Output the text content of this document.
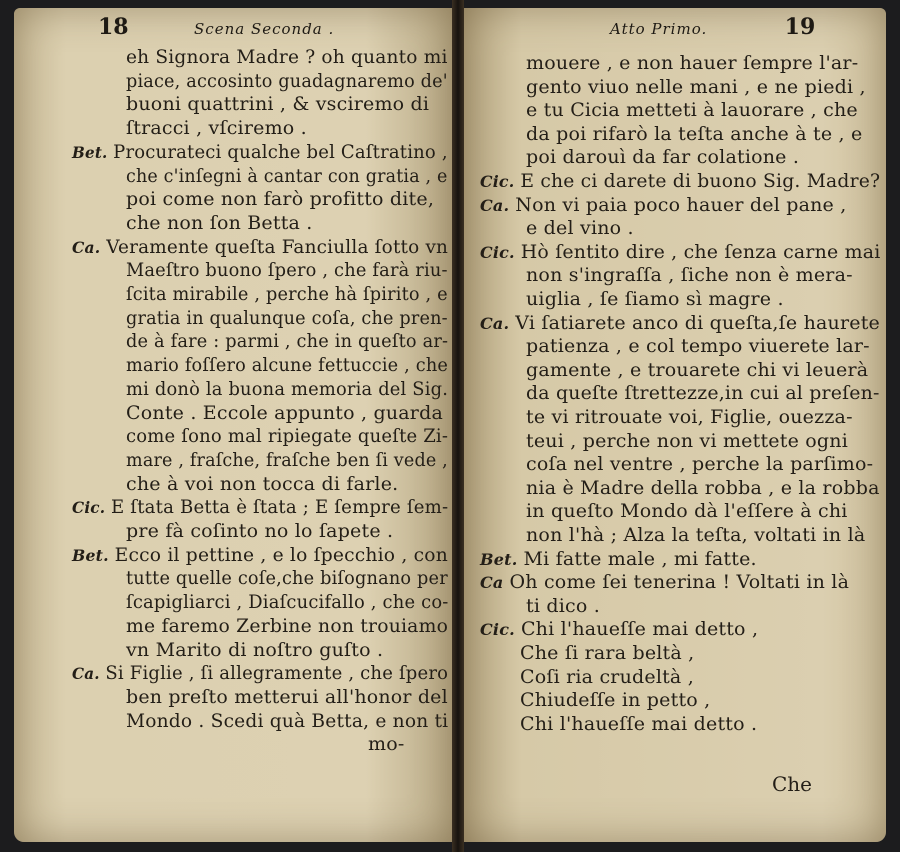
18	Scena Seconda .	Atto Primo.	19
eh Signora Madre ? oh quanto mi
piace, accosinto guadagnaremo de'
buoni quattrini , & vsciremo di
ſtracci , vſciremo .
Bet. Procurateci qualche bel Caſtratino ,
che c'inſegni à cantar con gratia , e
poi come non farò profitto dite,
che non ſon Betta .
Ca. Veramente queſta Fanciulla ſotto vn
Maeſtro buono ſpero , che farà riu-
ſcita mirabile , perche hà ſpirito , e
gratia in qualunque coſa, che pren-
de à fare : parmi , che in queſto ar-
mario foſſero alcune fettuccie , che
mi donò la buona memoria del Sig.
Conte . Eccole appunto , guarda
come ſono mal ripiegate queſte Zi-
mare , fraſche, fraſche ben ſi vede ,
che à voi non tocca di farle.
Cic. E ſtata Betta è ſtata ; E ſempre ſem-
pre fà coſinto no lo ſapete .
Bet. Ecco il pettine , e lo ſpecchio , con
tutte quelle coſe,che biſognano per
ſcapigliarci , Diaſcucifallo , che co-
me faremo Zerbine non trouiamo
vn Marito di noſtro guſto .
Ca. Si Figlie , ſi allegramente , che ſpero
ben preſto metterui all'honor del
Mondo . Scedi quà Betta, e non ti
mo-
mouere , e non hauer ſempre l'ar-
gento viuo nelle mani , e ne piedi ,
e tu Cicia metteti à lauorare , che
da poi rifarò la teſta anche à te , e
poi darouì da far colatione .
Cic. E che ci darete di buono Sig. Madre?
Ca. Non vi paia poco hauer del pane ,
e del vino .
Cic. Hò ſentito dire , che ſenza carne mai
non s'ingraſſa , ſiche non è mera-
uiglia , ſe ſiamo sì magre .
Ca. Vi ſatiarete anco di queſta,ſe haurete
patienza , e col tempo viuerete lar-
gamente , e trouarete chi vi leuerà
da queſte ſtrettezze,in cui al preſen-
te vi ritrouate voi, Figlie, ouezza-
teui , perche non vi mettete ogni
coſa nel ventre , perche la parſimo-
nia è Madre della robba , e la robba
in queſto Mondo dà l'eſſere à chi
non l'hà ; Alza la teſta, voltati in là
Bet. Mi fatte male , mi fatte.
Ca Oh come ſei tenerina ! Voltati in là
ti dico .
Cic. Chi l'haueſſe mai detto ,
Che ſi rara beltà ,
Coſi ria crudeltà ,
Chiudeſſe in petto ,
Chi l'haueſſe mai detto .
Che
